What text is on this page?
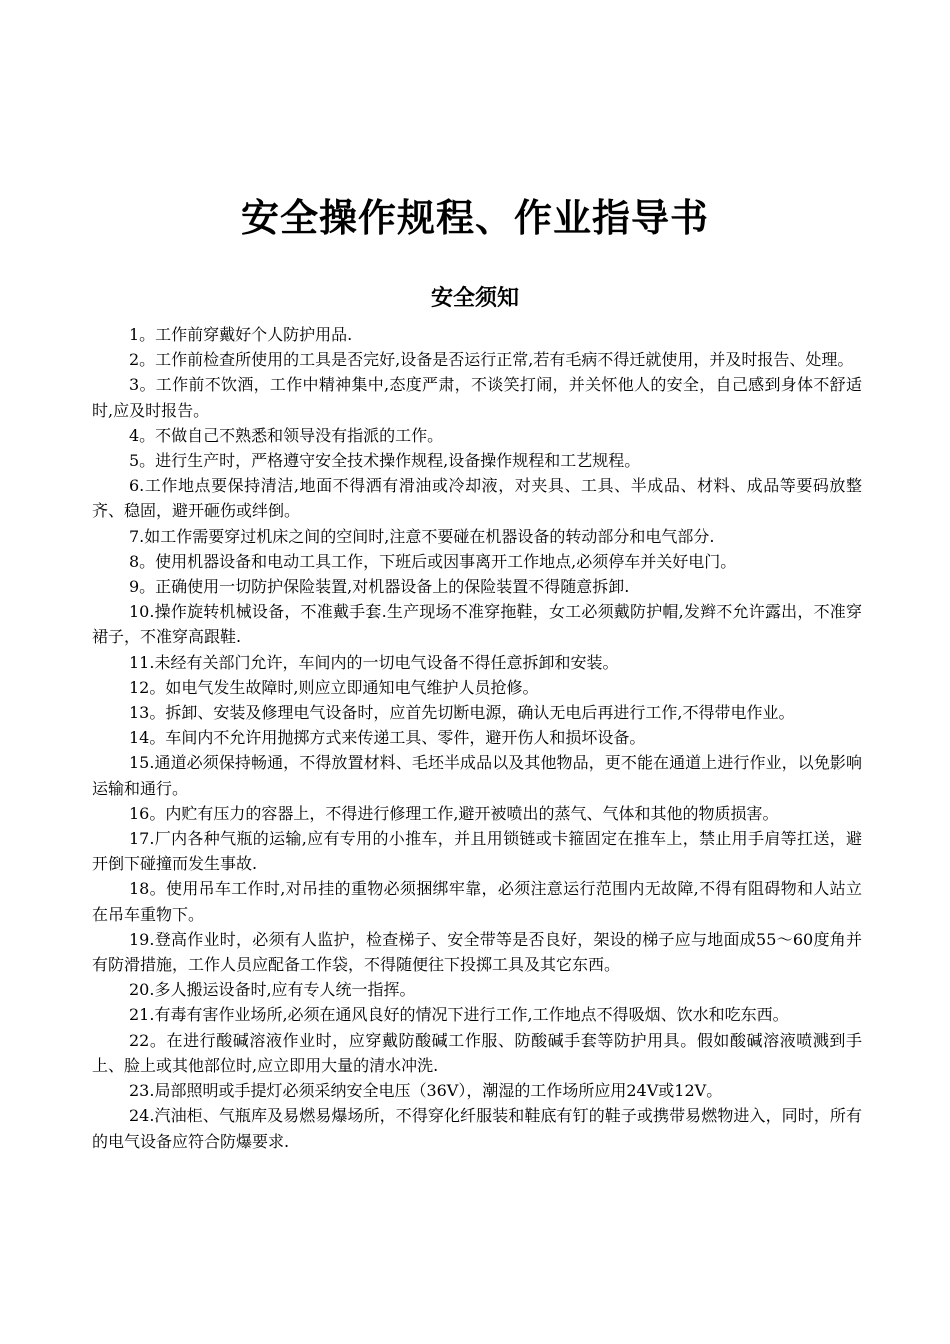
安全操作规程、作业指导书
安全须知
1。工作前穿戴好个人防护用品.
2。工作前检查所使用的工具是否完好,设备是否运行正常,若有毛病不得迁就使用，并及时报告、处理。
3。工作前不饮酒，工作中精神集中,态度严肃，不谈笑打闹，并关怀他人的安全，自己感到身体不舒适时,应及时报告。
4。不做自己不熟悉和领导没有指派的工作。
5。进行生产时，严格遵守安全技术操作规程,设备操作规程和工艺规程。
6.工作地点要保持清洁,地面不得洒有滑油或冷却液，对夹具、工具、半成品、材料、成品等要码放整齐、稳固，避开砸伤或绊倒。
7.如工作需要穿过机床之间的空间时,注意不要碰在机器设备的转动部分和电气部分.
8。使用机器设备和电动工具工作，下班后或因事离开工作地点,必须停车并关好电门。
9。正确使用一切防护保险装置,对机器设备上的保险装置不得随意拆卸.
10.操作旋转机械设备，不准戴手套.生产现场不准穿拖鞋，女工必须戴防护帽,发辫不允许露出，不准穿裙子，不准穿高跟鞋.
11.未经有关部门允许，车间内的一切电气设备不得任意拆卸和安装。
12。如电气发生故障时,则应立即通知电气维护人员抢修。
13。拆卸、安装及修理电气设备时，应首先切断电源，确认无电后再进行工作,不得带电作业。
14。车间内不允许用抛掷方式来传递工具、零件，避开伤人和损坏设备。
15.通道必须保持畅通，不得放置材料、毛坯半成品以及其他物品，更不能在通道上进行作业，以免影响运输和通行。
16。内贮有压力的容器上，不得进行修理工作,避开被喷出的蒸气、气体和其他的物质损害。
17.厂内各种气瓶的运输,应有专用的小推车，并且用锁链或卡箍固定在推车上，禁止用手肩等扛送，避开倒下碰撞而发生事故.
18。使用吊车工作时,对吊挂的重物必须捆绑牢靠，必须注意运行范围内无故障,不得有阻碍物和人站立在吊车重物下。
19.登高作业时，必须有人监护，检查梯子、安全带等是否良好，架设的梯子应与地面成55～60度角并有防滑措施，工作人员应配备工作袋，不得随便往下投掷工具及其它东西。
20.多人搬运设备时,应有专人统一指挥。
21.有毒有害作业场所,必须在通风良好的情况下进行工作,工作地点不得吸烟、饮水和吃东西。
22。在进行酸碱溶液作业时，应穿戴防酸碱工作服、防酸碱手套等防护用具。假如酸碱溶液喷溅到手上、脸上或其他部位时,应立即用大量的清水冲洗.
23.局部照明或手提灯必须采纳安全电压（36V），潮湿的工作场所应用24V或12V。
24.汽油柜、气瓶库及易燃易爆场所，不得穿化纤服装和鞋底有钉的鞋子或携带易燃物进入，同时，所有的电气设备应符合防爆要求.
